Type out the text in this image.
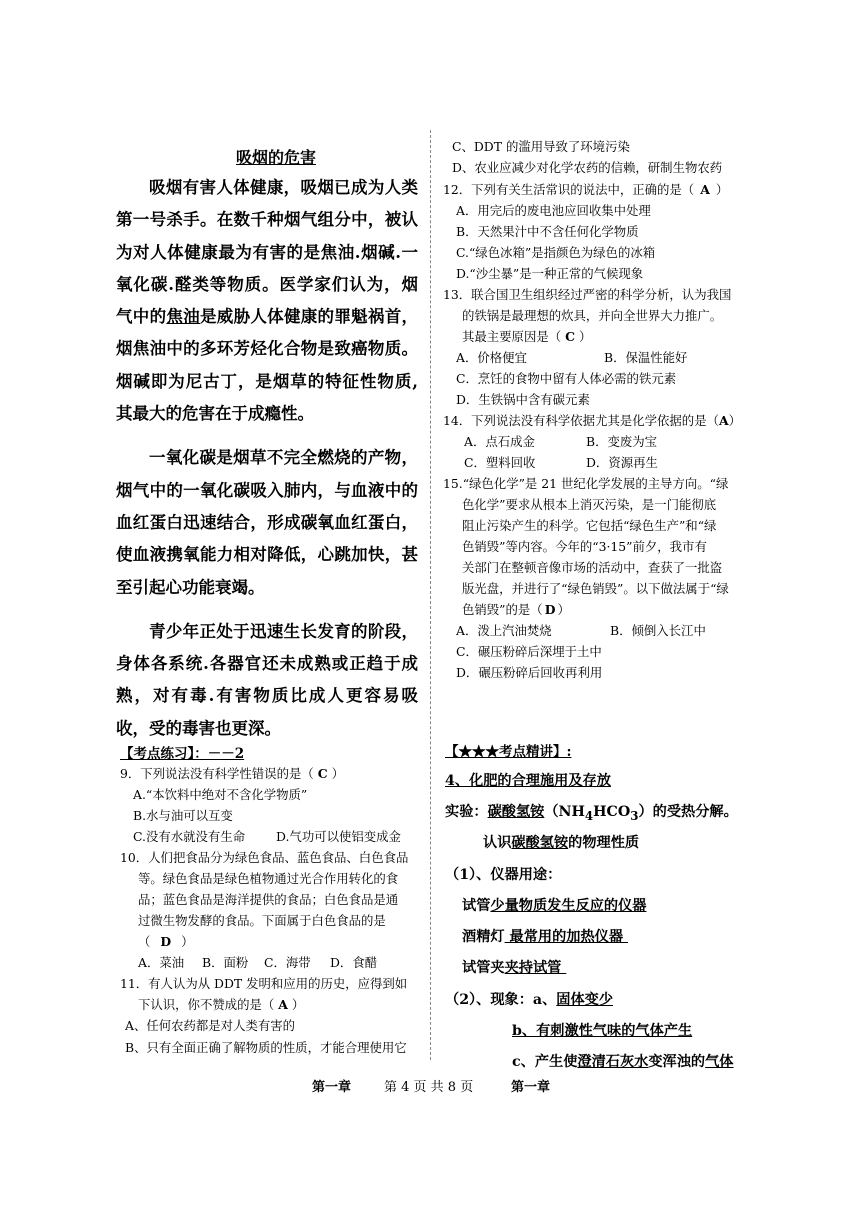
吸烟的危害

吸烟有害人体健康，吸烟已成为人类第一号杀手。在数千种烟气组分中，被认为对人体健康最为有害的是焦油.烟碱.一氧化碳.醛类等物质。医学家们认为，烟气中的焦油是威胁人体健康的罪魁祸首，烟焦油中的多环芳烃化合物是致癌物质。烟碱即为尼古丁，是烟草的特征性物质,其最大的危害在于成瘾性。

一氧化碳是烟草不完全燃烧的产物，烟气中的一氧化碳吸入肺内，与血液中的血红蛋白迅速结合，形成碳氧血红蛋白，使血液携氧能力相对降低，心跳加快，甚至引起心功能衰竭。

青少年正处于迅速生长发育的阶段，身体各系统.各器官还未成熟或正趋于成熟，对有毒.有害物质比成人更容易吸收，受的毒害也更深。

【考点练习】：－－2
9．下列说法没有科学性错误的是（ C ）
A.“本饮料中绝对不含化学物质”
B.水与油可以互变
C.没有水就没有生命 D.气功可以使铝变成金
10．人们把食品分为绿色食品、蓝色食品、白色食品
等。绿色食品是绿色植物通过光合作用转化的食
品；蓝色食品是海洋提供的食品；白色食品是通
过微生物发酵的食品。下面属于白色食品的是
（ D ）
A．菜油 B．面粉 C．海带 D．食醋
11．有人认为从 DDT 发明和应用的历史，应得到如
下认识，你不赞成的是（ A ）
A、任何农药都是对人类有害的
B、只有全面正确了解物质的性质，才能合理使用它
C、DDT 的滥用导致了环境污染
D、农业应减少对化学农药的信赖，研制生物农药
12．下列有关生活常识的说法中，正确的是（ A ）
A．用完后的废电池应回收集中处理
B．天然果汁中不含任何化学物质
C.“绿色冰箱”是指颜色为绿色的冰箱
D.“沙尘暴”是一种正常的气候现象
13．联合国卫生组织经过严密的科学分析，认为我国
的铁锅是最理想的炊具，并向全世界大力推广。
其最主要原因是（ C ）
A．价格便宜	B．保温性能好
C．烹饪的食物中留有人体必需的铁元素
D．生铁锅中含有碳元素
14．下列说法没有科学依据尤其是化学依据的是（A）
A．点石成金	B．变废为宝
C．塑料回收	D．资源再生
15.“绿色化学”是 21 世纪化学发展的主导方向。“绿
色化学”要求从根本上消灭污染，是一门能彻底
阻止污染产生的科学。它包括“绿色生产”和“绿
色销毁”等内容。今年的“3·15”前夕，我市有
关部门在整顿音像市场的活动中，查获了一批盗
版光盘，并进行了“绿色销毁”。以下做法属于“绿
色销毁”的是（ D ）
A．泼上汽油焚烧	B．倾倒入长江中
C．碾压粉碎后深埋于土中
D．碾压粉碎后回收再利用
【★★★考点精讲】:
4、化肥的合理施用及存放
实验：碳酸氢铵$(NH_4HCO_3)$的受热分解。
认识碳酸氢铵的物理性质
（1）、仪器用途：
试管少量物质发生反应的仪器
酒精灯 最常用的加热仪器
试管夹夹持试管
（2）、现象：a、固体变少
b、有刺激性气味的气体产生
c、产生使澄清石灰水变浑浊的气体
第一章	第 4 页 共 8 页	第一章
